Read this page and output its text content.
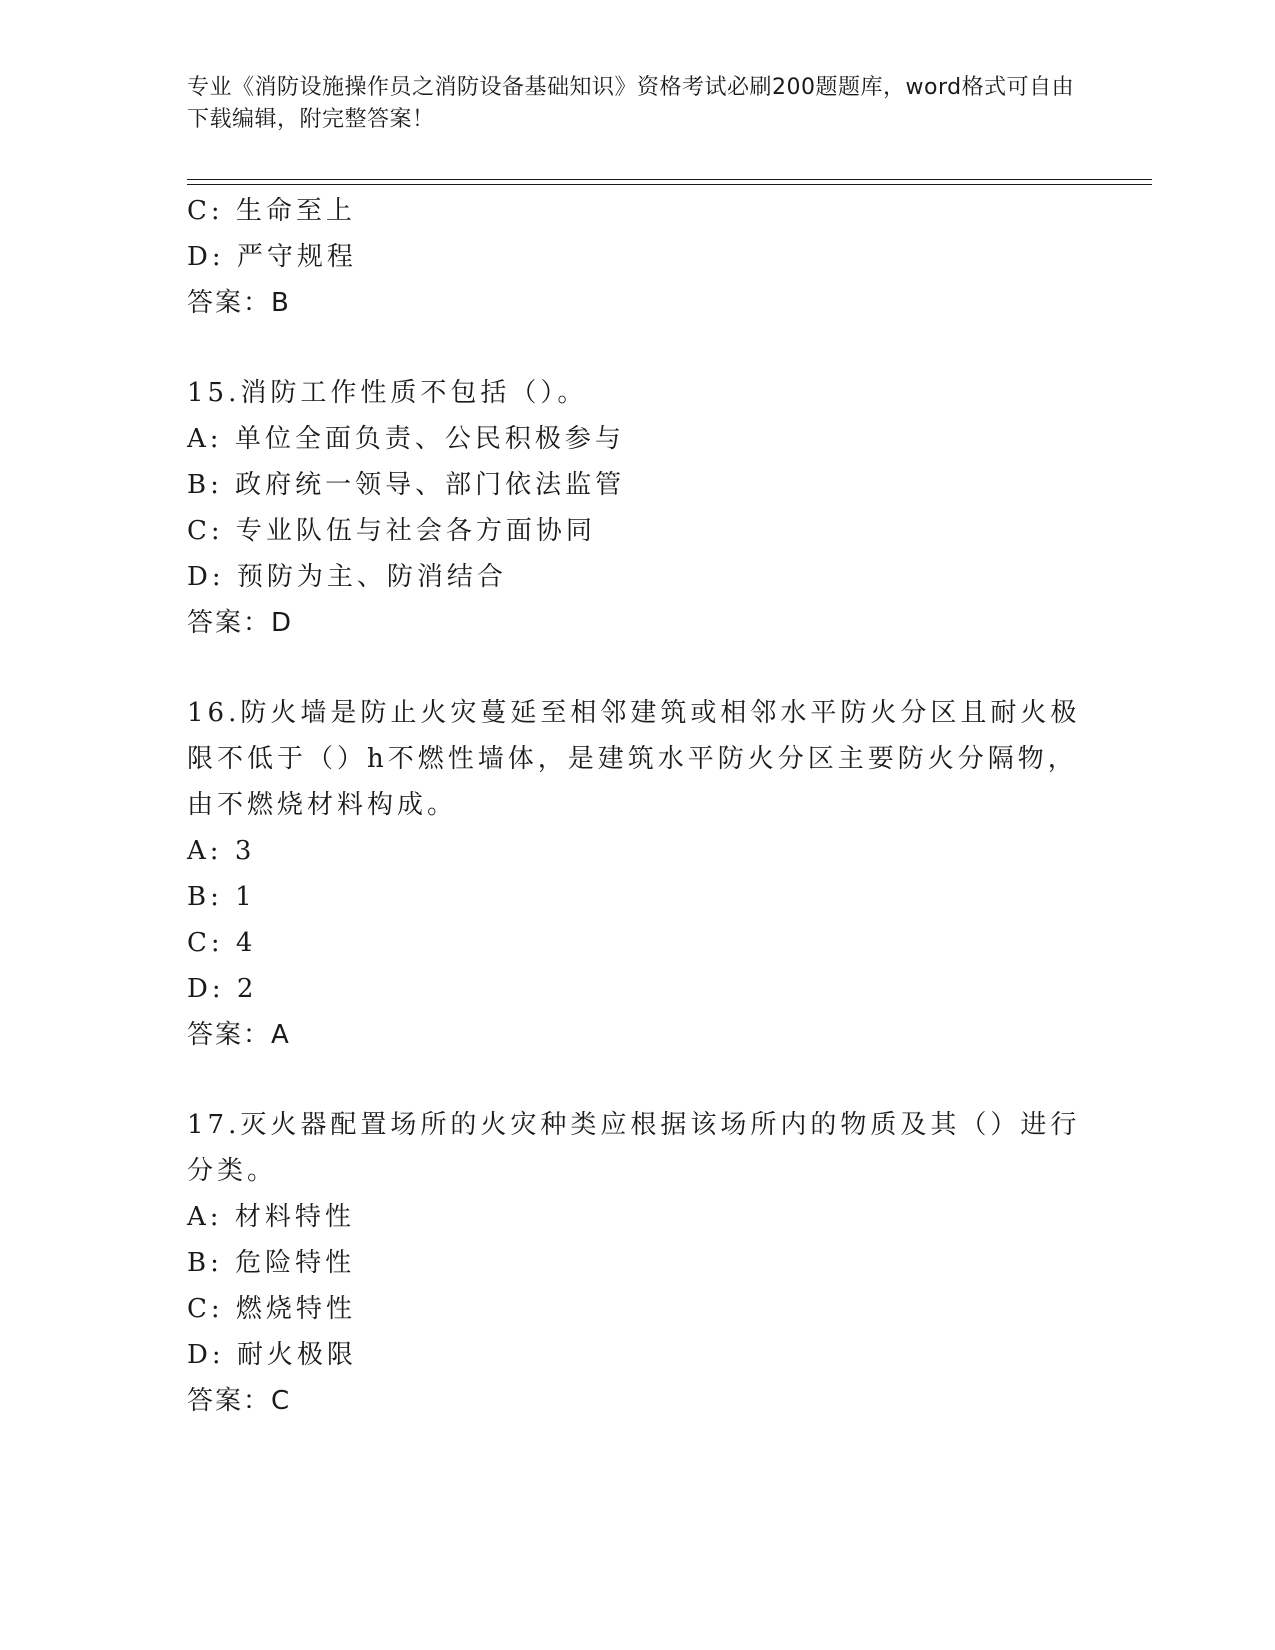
专业《消防设施操作员之消防设备基础知识》资格考试必刷200题题库，word格式可自由下载编辑，附完整答案！
C: 生命至上
D: 严守规程
答案：B
15.消防工作性质不包括（）。
A: 单位全面负责、公民积极参与
B: 政府统一领导、部门依法监管
C: 专业队伍与社会各方面协同
D: 预防为主、防消结合
答案：D
16.防火墙是防止火灾蔓延至相邻建筑或相邻水平防火分区且耐火极限不低于（）h不燃性墙体，是建筑水平防火分区主要防火分隔物，由不燃烧材料构成。
A: 3
B: 1
C: 4
D: 2
答案：A
17.灭火器配置场所的火灾种类应根据该场所内的物质及其（）进行分类。
A: 材料特性
B: 危险特性
C: 燃烧特性
D: 耐火极限
答案：C
